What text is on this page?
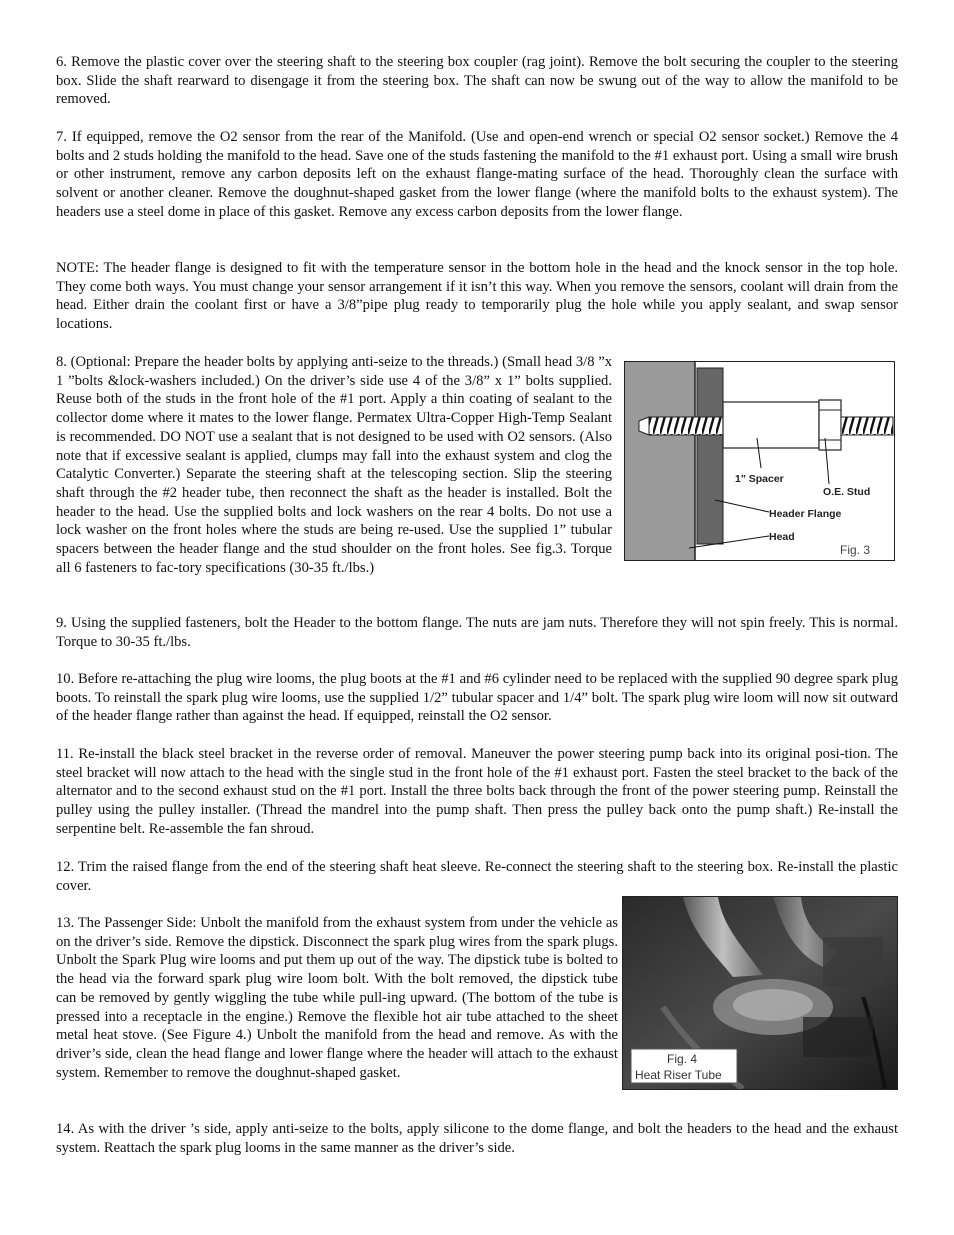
6. Remove the plastic cover over the steering shaft to the steering box coupler (rag joint). Remove the bolt securing the coupler to the steering box. Slide the shaft rearward to disengage it from the steering box. The shaft can now be swung out of the way to allow the manifold to be removed.

7. If equipped, remove the O2 sensor from the rear of the Manifold. (Use and open-end wrench or special O2 sensor socket.) Remove the 4 bolts and 2 studs holding the manifold to the head. Save one of the studs fastening the manifold to the #1 exhaust port. Using a small wire brush or other instrument, remove any carbon deposits left on the exhaust flange-mating surface of the head. Thoroughly clean the surface with solvent or another cleaner. Remove the doughnut-shaped gasket from the lower flange (where the manifold bolts to the exhaust system). The headers use a steel dome in place of this gasket. Remove any excess carbon deposits from the lower flange.

NOTE: The header flange is designed to fit with the temperature sensor in the bottom hole in the head and the knock sensor in the top hole. They come both ways. You must change your sensor arrangement if it isn’t this way. When you remove the sensors, coolant will drain from the head. Either drain the coolant first or have a 3/8”pipe plug ready to temporarily plug the hole while you apply sealant, and swap sensor locations.

8. (Optional: Prepare the header bolts by applying anti-seize to the threads.) (Small head 3/8 ”x 1 ”bolts &lock-washers included.) On the driver’s side use 4 of the 3/8” x 1” bolts supplied. Reuse both of the studs in the front hole of the #1 port. Apply a thin coating of sealant to the collector dome where it mates to the lower flange. Permatex Ultra-Copper High-Temp Sealant is recommended. DO NOT use a sealant that is not designed to be used with O2 sensors. (Also note that if excessive sealant is applied, clumps may fall into the exhaust system and clog the Catalytic Converter.) Separate the steering shaft at the telescoping section. Slip the steering shaft through the #2 header tube, then reconnect the shaft as the header is installed. Bolt the header to the head. Use the supplied bolts and lock washers on the rear 4 bolts. Do not use a lock washer on the front holes where the studs are being re-used. Use the supplied 1” tubular spacers between the header flange and the stud shoulder on the front holes. See fig.3. Torque all 6 fasteners to fac-tory specifications (30-35 ft./lbs.)

1" Spacer
O.E. Stud
Header Flange
Head
Fig. 3

9. Using the supplied fasteners, bolt the Header to the bottom flange. The nuts are jam nuts. Therefore they will not spin freely. This is normal. Torque to 30-35 ft./lbs.

10. Before re-attaching the plug wire looms, the plug boots at the #1 and #6 cylinder need to be replaced with the supplied 90 degree spark plug boots. To reinstall the spark plug wire looms, use the supplied 1/2” tubular spacer and 1/4” bolt. The spark plug wire loom will now sit outward of the header flange rather than against the head. If equipped, reinstall the O2 sensor.

11. Re-install the black steel bracket in the reverse order of removal. Maneuver the power steering pump back into its original posi-tion. The steel bracket will now attach to the head with the single stud in the front hole of the #1 exhaust port. Fasten the steel bracket to the back of the alternator and to the second exhaust stud on the #1 port. Install the three bolts back through the front of the power steering pump. Reinstall the pulley using the pulley installer. (Thread the mandrel into the pump shaft. Then press the pulley back onto the pump shaft.) Re-install the serpentine belt. Re-assemble the fan shroud.

12. Trim the raised flange from the end of the steering shaft heat sleeve. Re-connect the steering shaft to the steering box. Re-install the plastic cover.

13. The Passenger Side: Unbolt the manifold from the exhaust system from under the vehicle as on the driver’s side. Remove the dipstick. Disconnect the spark plug wires from the spark plugs. Unbolt the Spark Plug wire looms and put them up out of the way. The dipstick tube is bolted to the head via the forward spark plug wire loom bolt. With the bolt removed, the dipstick tube can be removed by gently wiggling the tube while pull-ing upward. (The bottom of the tube is pressed into a receptacle in the engine.) Remove the flexible hot air tube attached to the sheet metal heat stove. (See Figure 4.) Unbolt the manifold from the head and remove. As with the driver’s side, clean the head flange and lower flange where the header will attach to the exhaust system. Remember to remove the doughnut-shaped gasket.

Fig. 4
Heat Riser Tube

14. As with the driver ’s side, apply anti-seize to the bolts, apply silicone to the dome flange, and bolt the headers to the head and the exhaust system. Reattach the spark plug looms in the same manner as the driver’s side.
